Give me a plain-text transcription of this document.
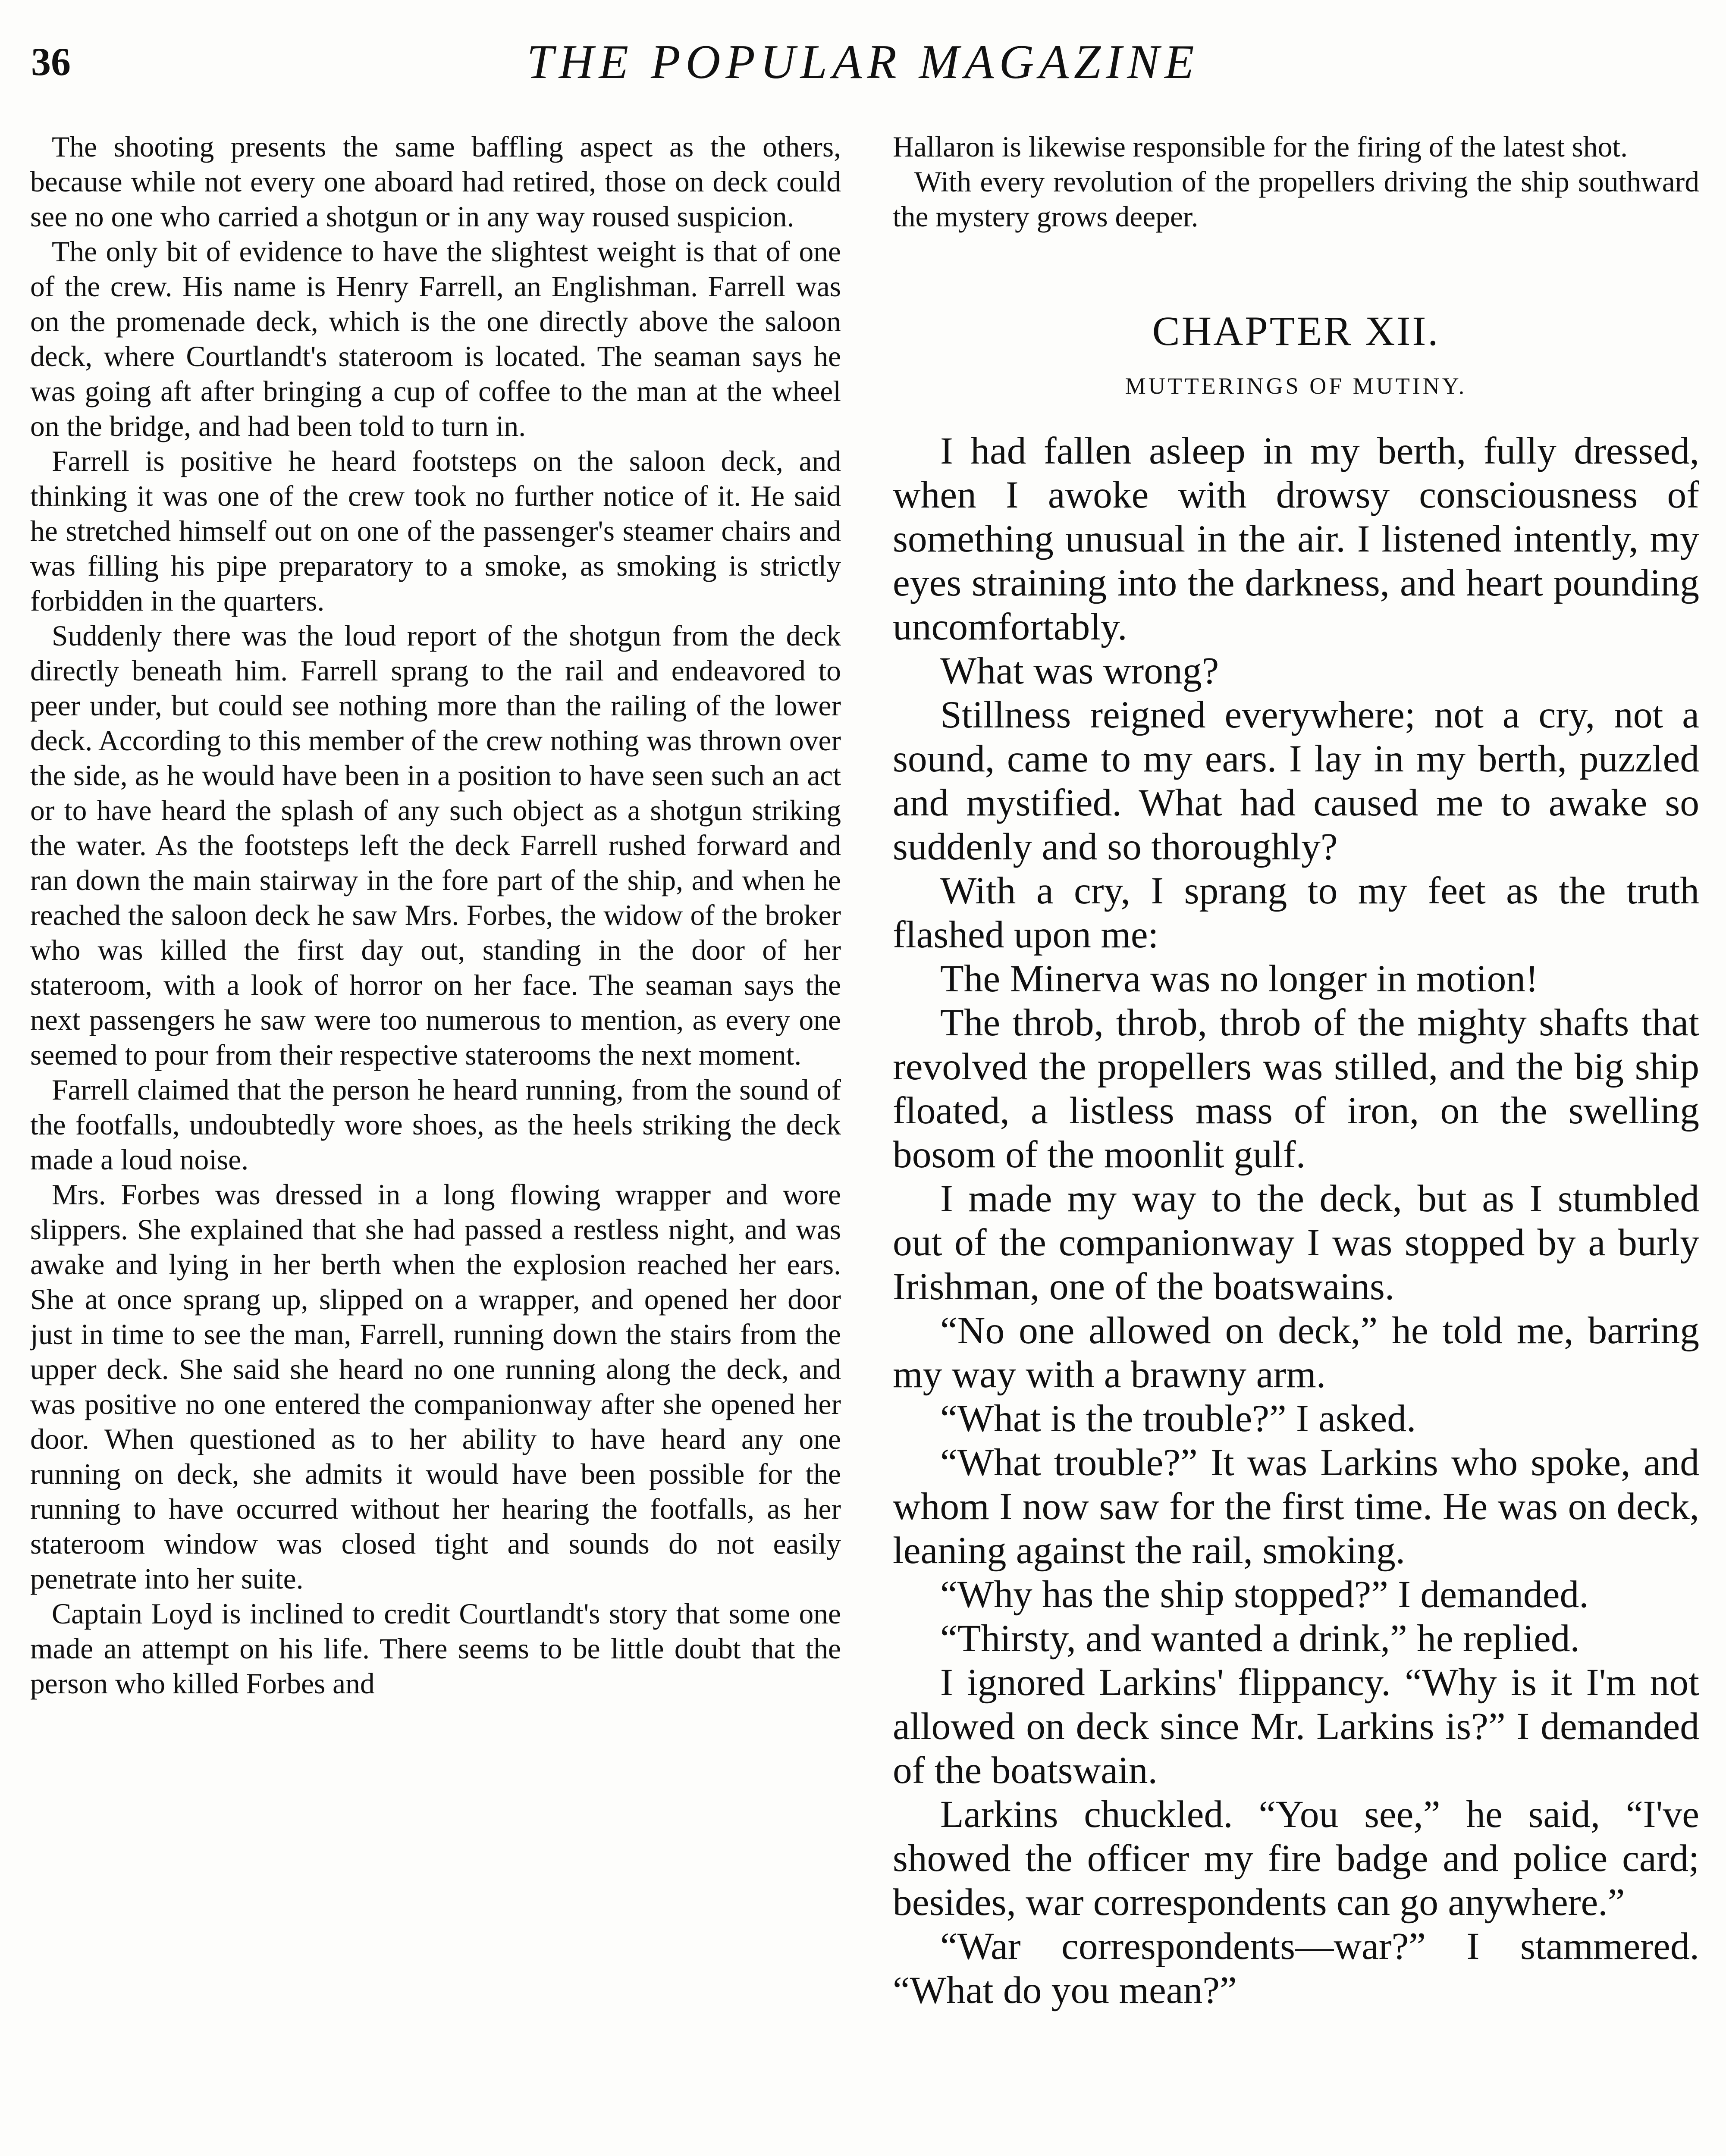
36	THE POPULAR MAGAZINE

The shooting presents the same baffling aspect as the others, because while not every one aboard had retired, those on deck could see no one who carried a shotgun or in any way roused suspicion.

The only bit of evidence to have the slightest weight is that of one of the crew. His name is Henry Farrell, an Englishman. Farrell was on the promenade deck, which is the one directly above the saloon deck, where Courtlandt's stateroom is located. The seaman says he was going aft after bringing a cup of coffee to the man at the wheel on the bridge, and had been told to turn in.

Farrell is positive he heard footsteps on the saloon deck, and thinking it was one of the crew took no further notice of it. He said he stretched himself out on one of the passenger's steamer chairs and was filling his pipe preparatory to a smoke, as smoking is strictly forbidden in the quarters.

Suddenly there was the loud report of the shotgun from the deck directly beneath him. Farrell sprang to the rail and endeavored to peer under, but could see nothing more than the railing of the lower deck. According to this member of the crew nothing was thrown over the side, as he would have been in a position to have seen such an act or to have heard the splash of any such object as a shotgun striking the water. As the footsteps left the deck Farrell rushed forward and ran down the main stairway in the fore part of the ship, and when he reached the saloon deck he saw Mrs. Forbes, the widow of the broker who was killed the first day out, standing in the door of her stateroom, with a look of horror on her face. The seaman says the next passengers he saw were too numerous to mention, as every one seemed to pour from their respective staterooms the next moment.

Farrell claimed that the person he heard running, from the sound of the footfalls, undoubtedly wore shoes, as the heels striking the deck made a loud noise.

Mrs. Forbes was dressed in a long flowing wrapper and wore slippers. She explained that she had passed a restless night, and was awake and lying in her berth when the explosion reached her ears. She at once sprang up, slipped on a wrapper, and opened her door just in time to see the man, Farrell, running down the stairs from the upper deck. She said she heard no one running along the deck, and was positive no one entered the companionway after she opened her door. When questioned as to her ability to have heard any one running on deck, she admits it would have been possible for the running to have occurred without her hearing the footfalls, as her stateroom window was closed tight and sounds do not easily penetrate into her suite.

Captain Loyd is inclined to credit Courtlandt's story that some one made an attempt on his life. There seems to be little doubt that the person who killed Forbes and

Hallaron is likewise responsible for the firing of the latest shot.

With every revolution of the propellers driving the ship southward the mystery grows deeper.

CHAPTER XII.
MUTTERINGS OF MUTINY.

I had fallen asleep in my berth, fully dressed, when I awoke with drowsy consciousness of something unusual in the air. I listened intently, my eyes straining into the darkness, and heart pounding uncomfortably.

What was wrong?

Stillness reigned everywhere; not a cry, not a sound, came to my ears. I lay in my berth, puzzled and mystified. What had caused me to awake so suddenly and so thoroughly?

With a cry, I sprang to my feet as the truth flashed upon me:

The Minerva was no longer in motion!

The throb, throb, throb of the mighty shafts that revolved the propellers was stilled, and the big ship floated, a listless mass of iron, on the swelling bosom of the moonlit gulf.

I made my way to the deck, but as I stumbled out of the companionway I was stopped by a burly Irishman, one of the boatswains.

“No one allowed on deck,” he told me, barring my way with a brawny arm.

“What is the trouble?” I asked.

“What trouble?” It was Larkins who spoke, and whom I now saw for the first time. He was on deck, leaning against the rail, smoking.

“Why has the ship stopped?” I demanded.

“Thirsty, and wanted a drink,” he replied.

I ignored Larkins' flippancy. “Why is it I'm not allowed on deck since Mr. Larkins is?” I demanded of the boatswain.

Larkins chuckled. “You see,” he said, “I've showed the officer my fire badge and police card; besides, war correspondents can go anywhere.”

“War correspondents—war?” I stammered. “What do you mean?”
